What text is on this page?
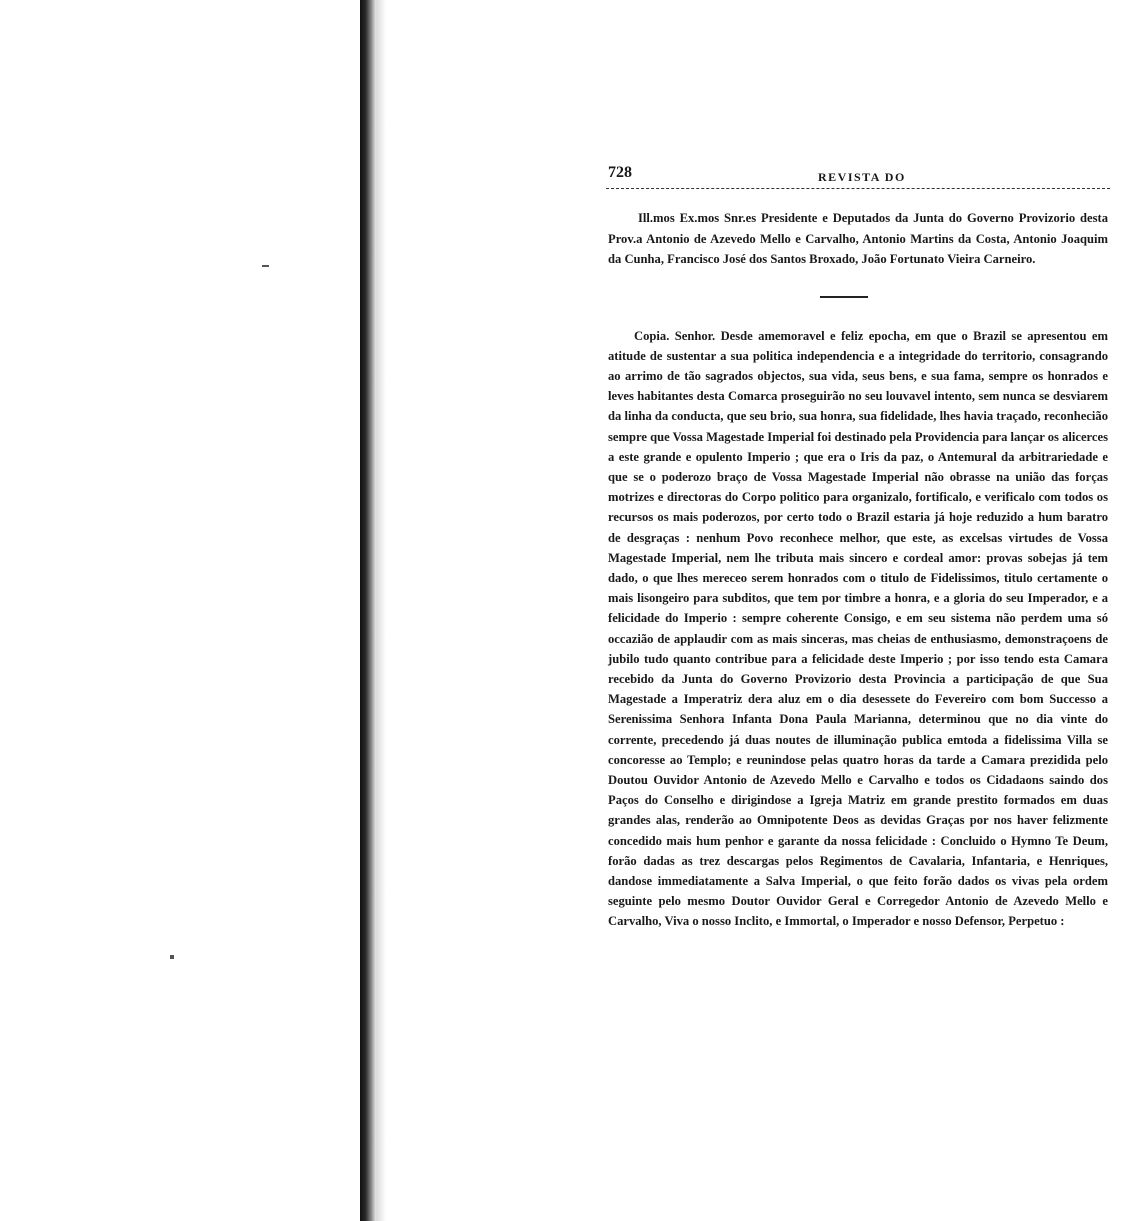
728	REVISTA DO

Ill.mos Ex.mos Snr.es Presidente e Deputados da Junta do Governo Provizorio desta Prov.a Antonio de Azevedo Mello e Carvalho, Antonio Martins da Costa, Antonio Joaquim da Cunha, Francisco José dos Santos Broxado, João Fortunato Vieira Carneiro.

Copia. Senhor. Desde amemoravel e feliz epocha, em que o Brazil se apresentou em atitude de sustentar a sua politica independencia e a integridade do territorio, consagrando ao arrimo de tão sagrados objectos, sua vida, seus bens, e sua fama, sempre os honrados e leves habitantes desta Comarca proseguirão no seu louvavel intento, sem nunca se desviarem da linha da conducta, que seu brio, sua honra, sua fidelidade, lhes havia traçado, reconhecião sempre que Vossa Magestade Imperial foi destinado pela Providencia para lançar os alicerces a este grande e opulento Imperio ; que era o Iris da paz, o Antemural da arbitrariedade e que se o poderozo braço de Vossa Magestade Imperial não obrasse na união das forças motrizes e directoras do Corpo politico para organizalo, fortificalo, e verificalo com todos os recursos os mais poderozos, por certo todo o Brazil estaria já hoje reduzido a hum baratro de desgraças : nenhum Povo reconhece melhor, que este, as excelsas virtudes de Vossa Magestade Imperial, nem lhe tributa mais sincero e cordeal amor: provas sobejas já tem dado, o que lhes mereceo serem honrados com o titulo de Fidelissimos, titulo certamente o mais lisongeiro para subditos, que tem por timbre a honra, e a gloria do seu Imperador, e a felicidade do Imperio : sempre coherente Consigo, e em seu sistema não perdem uma só occazião de applaudir com as mais sinceras, mas cheias de enthusiasmo, demonstraçoens de jubilo tudo quanto contribue para a felicidade deste Imperio ; por isso tendo esta Camara recebido da Junta do Governo Provizorio desta Provincia a participação de que Sua Magestade a Imperatriz dera aluz em o dia desessete do Fevereiro com bom Successo a Serenissima Senhora Infanta Dona Paula Marianna, determinou que no dia vinte do corrente, precedendo já duas noutes de illuminação publica emtoda a fidelissima Villa se concoresse ao Templo; e reunindose pelas quatro horas da tarde a Camara prezidida pelo Doutou Ouvidor Antonio de Azevedo Mello e Carvalho e todos os Cidadaons saindo dos Paços do Conselho e dirigindose a Igreja Matriz em grande prestito formados em duas grandes alas, renderão ao Omnipotente Deos as devidas Graças por nos haver felizmente concedido mais hum penhor e garante da nossa felicidade : Concluido o Hymno Te Deum, forão dadas as trez descargas pelos Regimentos de Cavalaria, Infantaria, e Henriques, dandose immediatamente a Salva Imperial, o que feito forão dados os vivas pela ordem seguinte pelo mesmo Doutor Ouvidor Geral e Corregedor Antonio de Azevedo Mello e Carvalho, Viva o nosso Inclito, e Immortal, o Imperador e nosso Defensor, Perpetuo :
